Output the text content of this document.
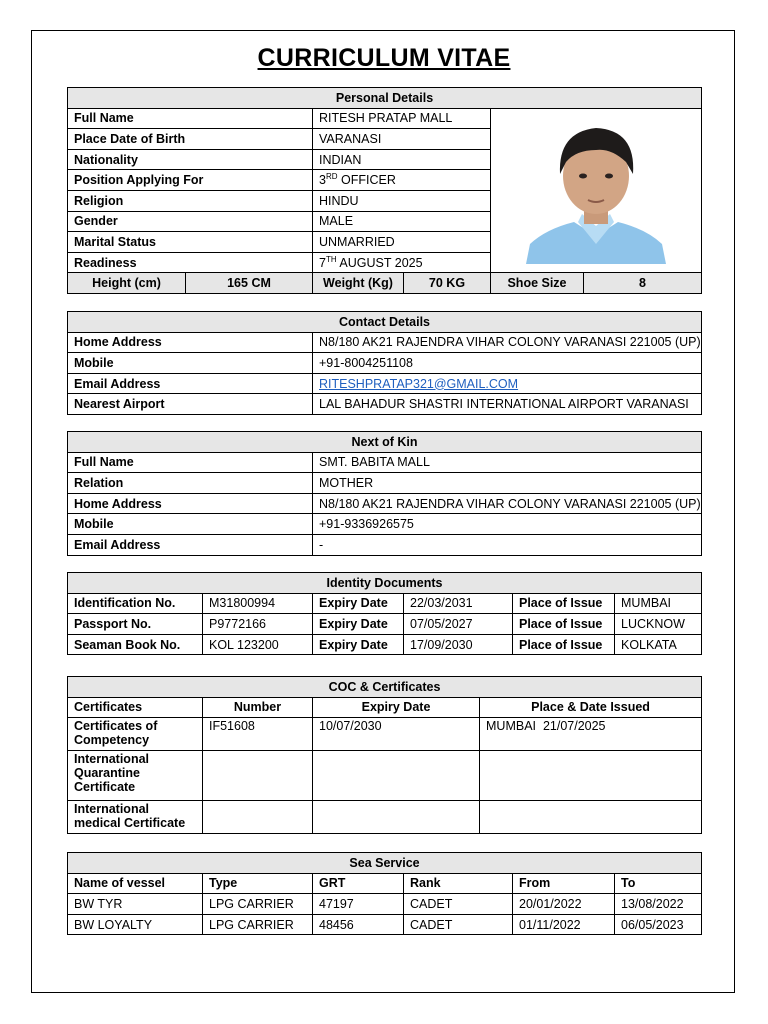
CURRICULUM VITAE
Personal Details					
Full Name		RITESH PRATAP MALL	
Place Date of Birth		VARANASI			
Nationality		INDIAN			
Position Applying For		3RD OFFICER			
Religion		HINDU			
Gender		MALE			
Marital Status		UNMARRIED			
Readiness		7TH AUGUST 2025			
Height (cm)	165 CM	Weight (Kg)	70 KG	Shoe Size	8
Contact Details	
Home Address	N8/180 AK21 RAJENDRA VIHAR COLONY VARANASI 221005 (UP)
Mobile	+91-8004251108
Email Address	RITESHPRATAP321@GMAIL.COM
Nearest Airport	LAL BAHADUR SHASTRI INTERNATIONAL AIRPORT VARANASI
Next of Kin	
Full Name	SMT. BABITA MALL
Relation	MOTHER
Home Address	N8/180 AK21 RAJENDRA VIHAR COLONY VARANASI 221005 (UP)
Mobile	+91-9336926575
Email Address	-
Identity Documents					
Identification No.	M31800994	Expiry Date	22/03/2031	Place of Issue	MUMBAI
Passport No.	P9772166	Expiry Date	07/05/2027	Place of Issue	LUCKNOW
Seaman Book No.	KOL 123200	Expiry Date	17/09/2030	Place of Issue	KOLKATA
COC & Certificates			
Certificates	Number	Expiry Date	Place & Date Issued
Certificates of Competency	IF51608	10/07/2030	MUMBAI  21/07/2025
International Quarantine Certificate			
International medical Certificate			
Sea Service					
Name of vessel	Type	GRT	Rank	From	To
BW TYR	LPG CARRIER	47197	CADET	20/01/2022	13/08/2022
BW LOYALTY	LPG CARRIER	48456	CADET	01/11/2022	06/05/2023
